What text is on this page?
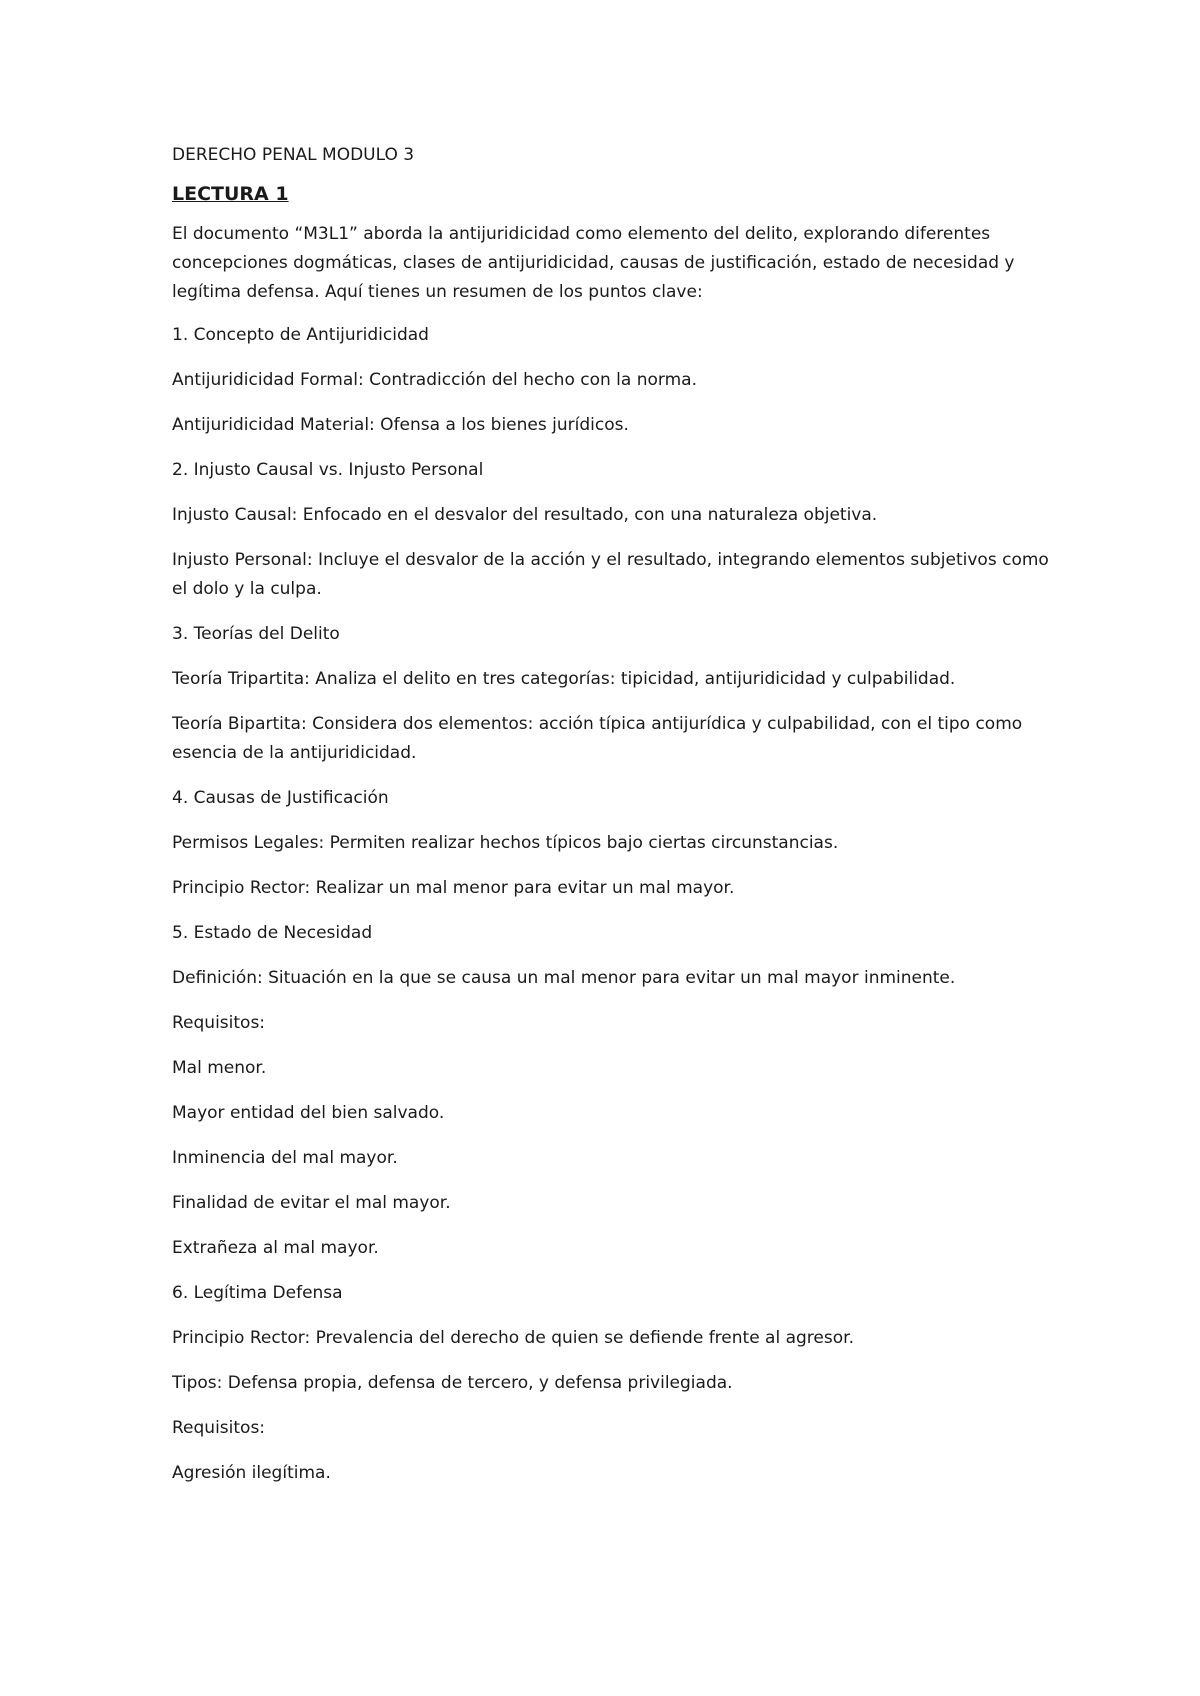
DERECHO PENAL MODULO 3
LECTURA 1
El documento “M3L1” aborda la antijuridicidad como elemento del delito, explorando diferentes concepciones dogmáticas, clases de antijuridicidad, causas de justificación, estado de necesidad y legítima defensa. Aquí tienes un resumen de los puntos clave:
1. Concepto de Antijuridicidad
Antijuridicidad Formal: Contradicción del hecho con la norma.
Antijuridicidad Material: Ofensa a los bienes jurídicos.
2. Injusto Causal vs. Injusto Personal
Injusto Causal: Enfocado en el desvalor del resultado, con una naturaleza objetiva.
Injusto Personal: Incluye el desvalor de la acción y el resultado, integrando elementos subjetivos como el dolo y la culpa.
3. Teorías del Delito
Teoría Tripartita: Analiza el delito en tres categorías: tipicidad, antijuridicidad y culpabilidad.
Teoría Bipartita: Considera dos elementos: acción típica antijurídica y culpabilidad, con el tipo como esencia de la antijuridicidad.
4. Causas de Justificación
Permisos Legales: Permiten realizar hechos típicos bajo ciertas circunstancias.
Principio Rector: Realizar un mal menor para evitar un mal mayor.
5. Estado de Necesidad
Definición: Situación en la que se causa un mal menor para evitar un mal mayor inminente.
Requisitos:
Mal menor.
Mayor entidad del bien salvado.
Inminencia del mal mayor.
Finalidad de evitar el mal mayor.
Extrañeza al mal mayor.
6. Legítima Defensa
Principio Rector: Prevalencia del derecho de quien se defiende frente al agresor.
Tipos: Defensa propia, defensa de tercero, y defensa privilegiada.
Requisitos:
Agresión ilegítima.
